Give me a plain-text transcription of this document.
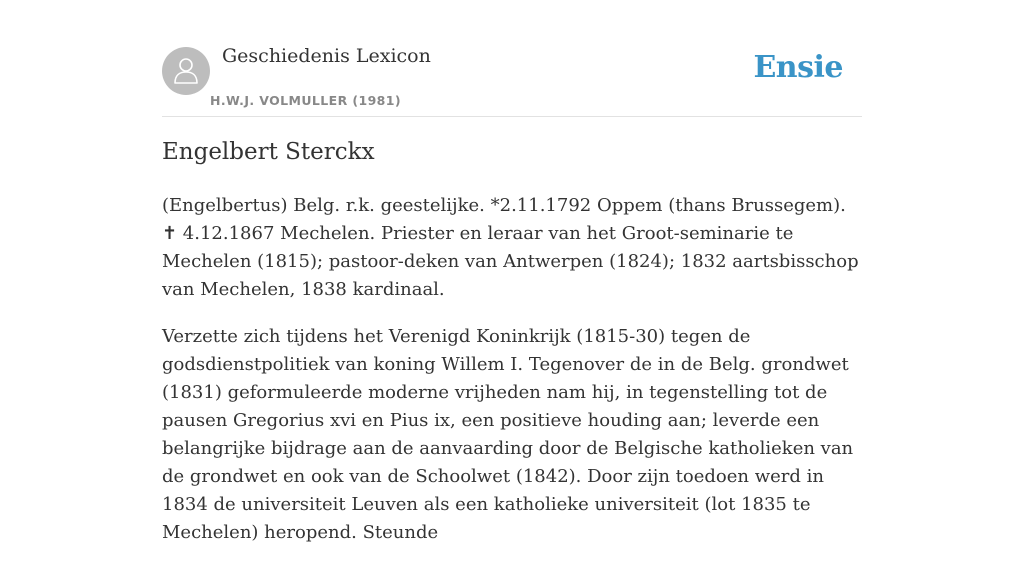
Geschiedenis Lexicon
H.W.J. VOLMULLER (1981)
Ensie
Engelbert Sterckx

(Engelbertus) Belg. r.k. geestelijke. *2.11.1792 Oppem (thans Brussegem). ✝ 4.12.1867 Mechelen. Priester en leraar van het Groot-seminarie te Mechelen (1815); pastoor-deken van Antwerpen (1824); 1832 aartsbisschop van Mechelen, 1838 kardinaal.

Verzette zich tijdens het Verenigd Koninkrijk (1815-30) tegen de godsdienstpolitiek van koning Willem I. Tegenover de in de Belg. grondwet (1831) geformuleerde moderne vrijheden nam hij, in tegenstelling tot de pausen Gregorius xvi en Pius ix, een positieve houding aan; leverde een belangrijke bijdrage aan de aanvaarding door de Belgische katholieken van de grondwet en ook van de Schoolwet (1842). Door zijn toedoen werd in 1834 de universiteit Leuven als een katholieke universiteit (lot 1835 te Mechelen) heropend. Steunde
